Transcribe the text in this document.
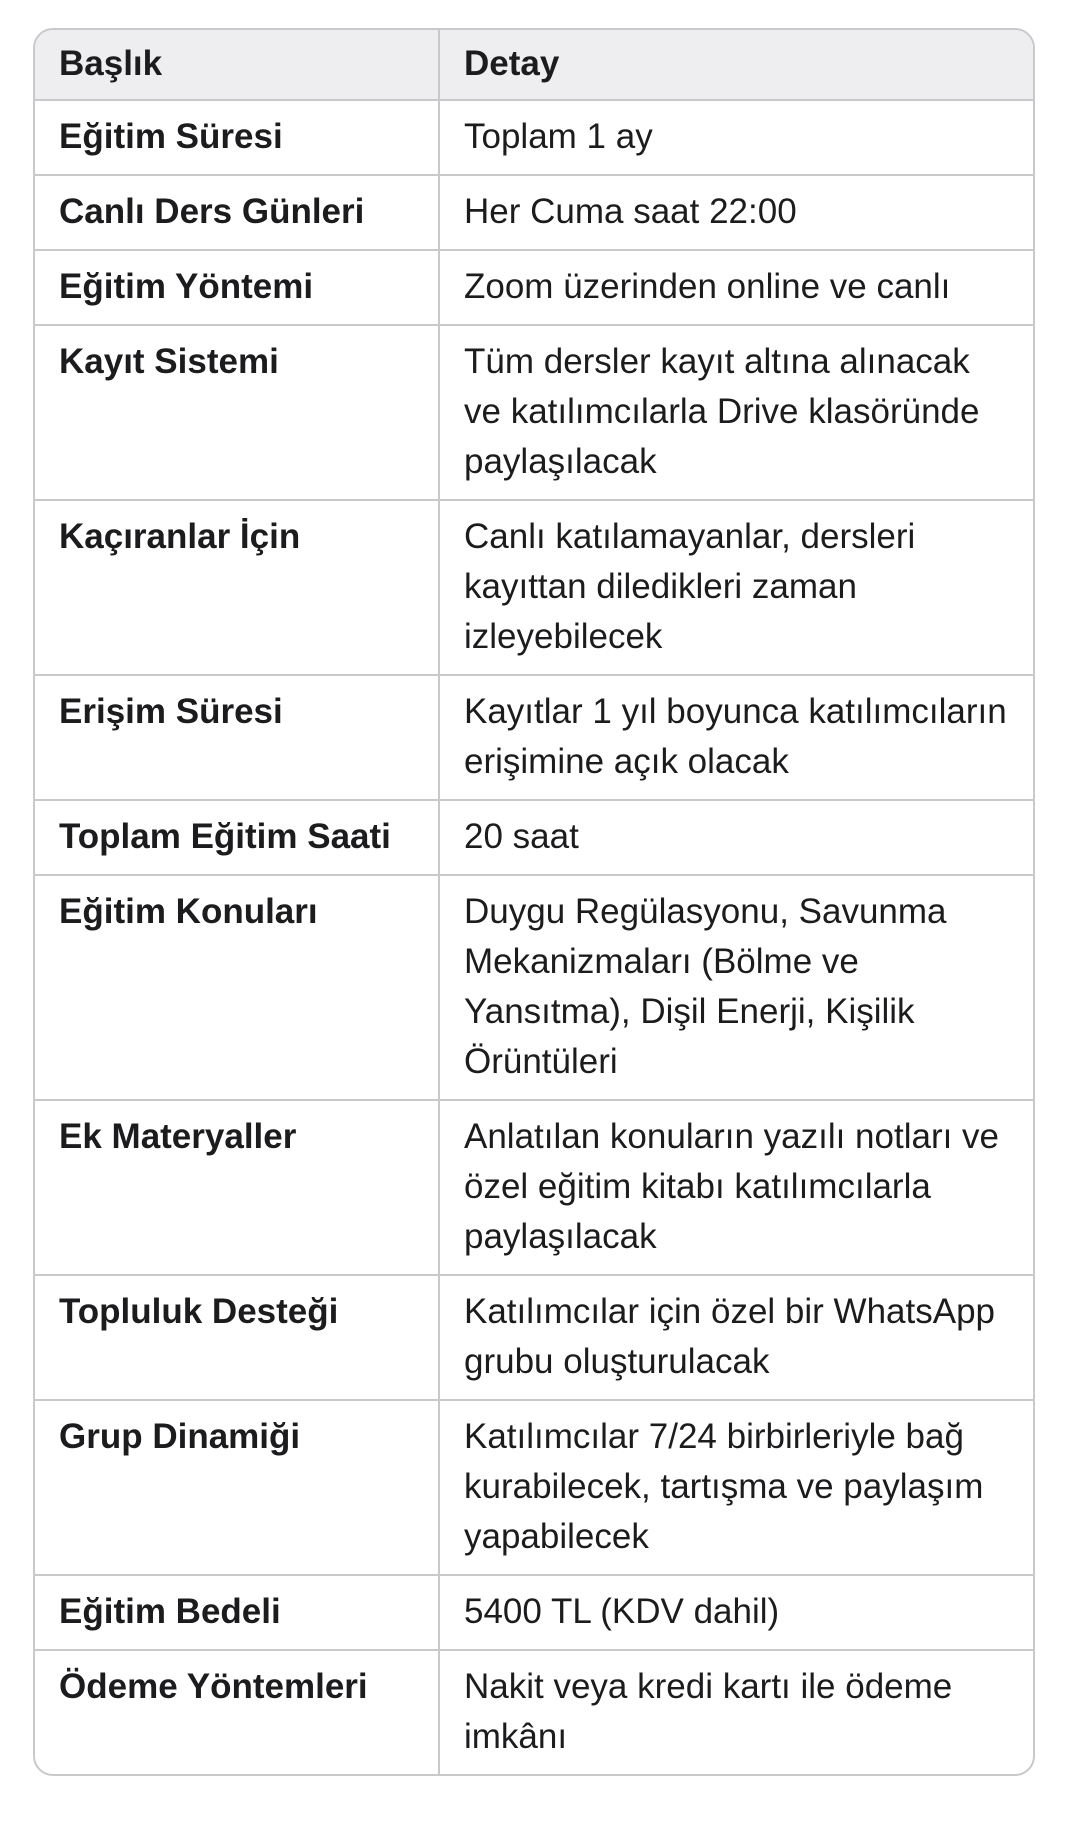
Başlık	Detay
Eğitim Süresi	Toplam 1 ay
Canlı Ders Günleri	Her Cuma saat 22:00
Eğitim Yöntemi	Zoom üzerinden online ve canlı
Kayıt Sistemi	Tüm dersler kayıt altına alınacak ve katılımcılarla Drive klasöründe paylaşılacak
Kaçıranlar İçin	Canlı katılamayanlar, dersleri kayıttan diledikleri zaman izleyebilecek
Erişim Süresi	Kayıtlar 1 yıl boyunca katılımcıların erişimine açık olacak
Toplam Eğitim Saati	20 saat
Eğitim Konuları	Duygu Regülasyonu, Savunma Mekanizmaları (Bölme ve Yansıtma), Dişil Enerji, Kişilik Örüntüleri
Ek Materyaller	Anlatılan konuların yazılı notları ve özel eğitim kitabı katılımcılarla paylaşılacak
Topluluk Desteği	Katılımcılar için özel bir WhatsApp grubu oluşturulacak
Grup Dinamiği	Katılımcılar 7/24 birbirleriyle bağ kurabilecek, tartışma ve paylaşım yapabilecek
Eğitim Bedeli	5400 TL (KDV dahil)
Ödeme Yöntemleri	Nakit veya kredi kartı ile ödeme imkânı
